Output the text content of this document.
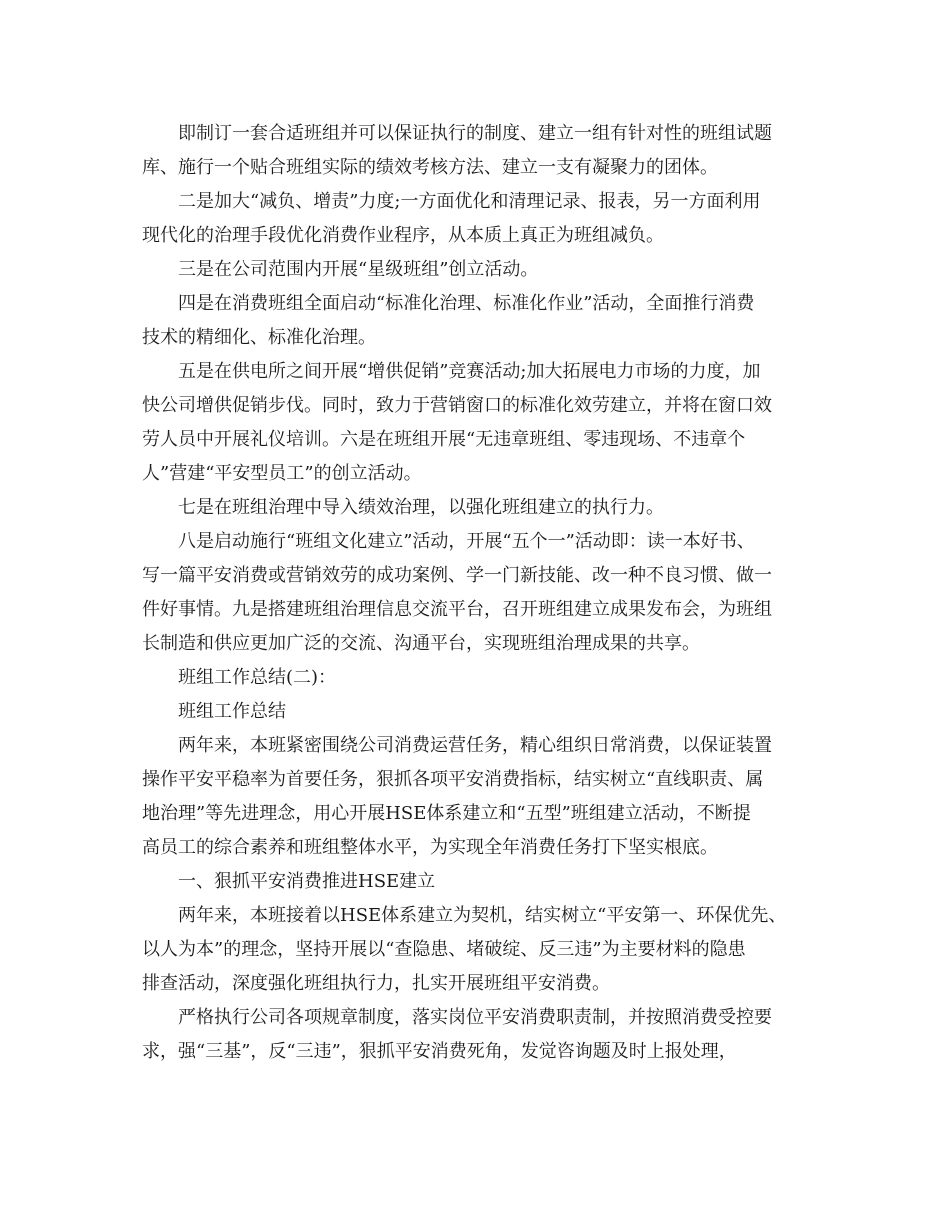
即制订一套合适班组并可以保证执行的制度、建立一组有针对性的班组试题

库、施行一个贴合班组实际的绩效考核方法、建立一支有凝聚力的团体。

二是加大“减负、增责”力度;一方面优化和清理记录、报表，另一方面利用

现代化的治理手段优化消费作业程序，从本质上真正为班组减负。

三是在公司范围内开展“星级班组”创立活动。

四是在消费班组全面启动“标准化治理、标准化作业”活动，全面推行消费

技术的精细化、标准化治理。

五是在供电所之间开展“增供促销”竞赛活动;加大拓展电力市场的力度，加

快公司增供促销步伐。同时，致力于营销窗口的标准化效劳建立，并将在窗口效

劳人员中开展礼仪培训。六是在班组开展“无违章班组、零违现场、不违章个

人”营建“平安型员工”的创立活动。

七是在班组治理中导入绩效治理，以强化班组建立的执行力。

八是启动施行“班组文化建立”活动，开展“五个一”活动即：读一本好书、

写一篇平安消费或营销效劳的成功案例、学一门新技能、改一种不良习惯、做一

件好事情。九是搭建班组治理信息交流平台，召开班组建立成果发布会，为班组

长制造和供应更加广泛的交流、沟通平台，实现班组治理成果的共享。

班组工作总结(二)：

班组工作总结

两年来，本班紧密围绕公司消费运营任务，精心组织日常消费，以保证装置

操作平安平稳率为首要任务，狠抓各项平安消费指标，结实树立“直线职责、属

地治理”等先进理念，用心开展HSE体系建立和“五型”班组建立活动，不断提

高员工的综合素养和班组整体水平，为实现全年消费任务打下坚实根底。

一、狠抓平安消费推进HSE建立

两年来，本班接着以HSE体系建立为契机，结实树立“平安第一、环保优先、

以人为本”的理念，坚持开展以“查隐患、堵破绽、反三违”为主要材料的隐患

排查活动，深度强化班组执行力，扎实开展班组平安消费。

严格执行公司各项规章制度，落实岗位平安消费职责制，并按照消费受控要

求，强“三基”，反“三违”，狠抓平安消费死角，发觉咨询题及时上报处理，
